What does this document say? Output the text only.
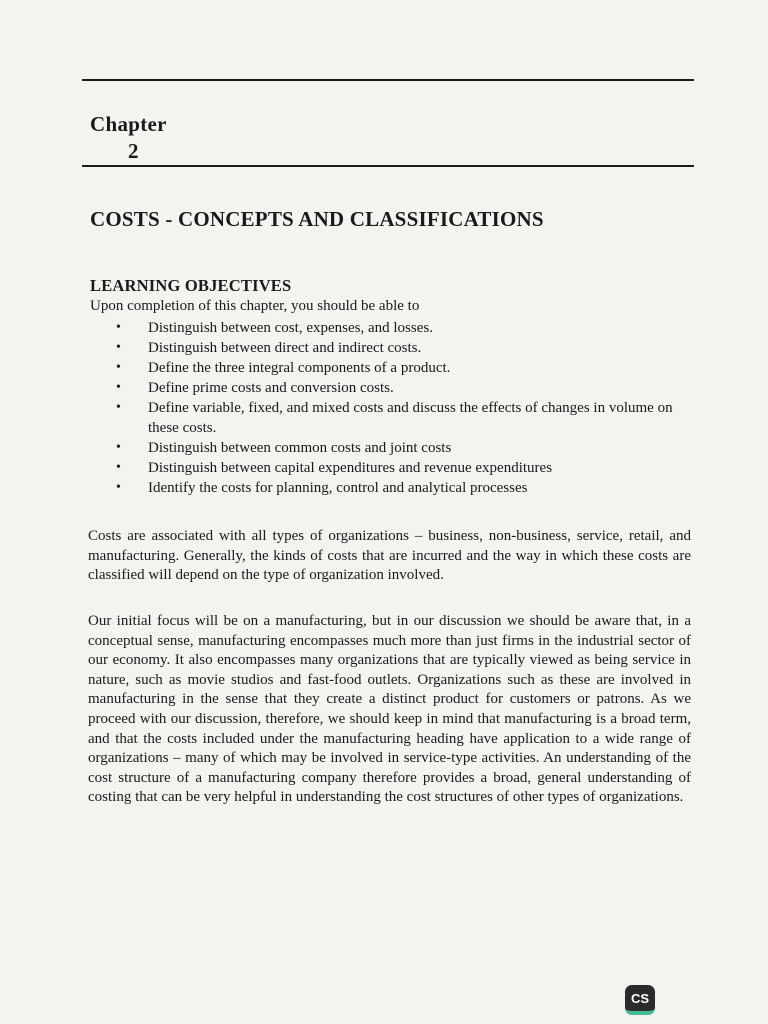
Chapter
2
COSTS - CONCEPTS AND CLASSIFICATIONS
LEARNING OBJECTIVES
Upon completion of this chapter, you should be able to
• Distinguish between cost, expenses, and losses.
• Distinguish between direct and indirect costs.
• Define the three integral components of a product.
• Define prime costs and conversion costs.
• Define variable, fixed, and mixed costs and discuss the effects of changes in volume on these costs.
• Distinguish between common costs and joint costs
• Distinguish between capital expenditures and revenue expenditures
• Identify the costs for planning, control and analytical processes

Costs are associated with all types of organizations – business, non-business, service, retail, and manufacturing. Generally, the kinds of costs that are incurred and the way in which these costs are classified will depend on the type of organization involved.

Our initial focus will be on a manufacturing, but in our discussion we should be aware that, in a conceptual sense, manufacturing encompasses much more than just firms in the industrial sector of our economy. It also encompasses many organizations that are typically viewed as being service in nature, such as movie studios and fast-food outlets. Organizations such as these are involved in manufacturing in the sense that they create a distinct product for customers or patrons. As we proceed with our discussion, therefore, we should keep in mind that manufacturing is a broad term, and that the costs included under the manufacturing heading have application to a wide range of organizations – many of which may be involved in service-type activities. An understanding of the cost structure of a manufacturing company therefore provides a broad, general understanding of costing that can be very helpful in understanding the cost structures of other types of organizations.

CS
